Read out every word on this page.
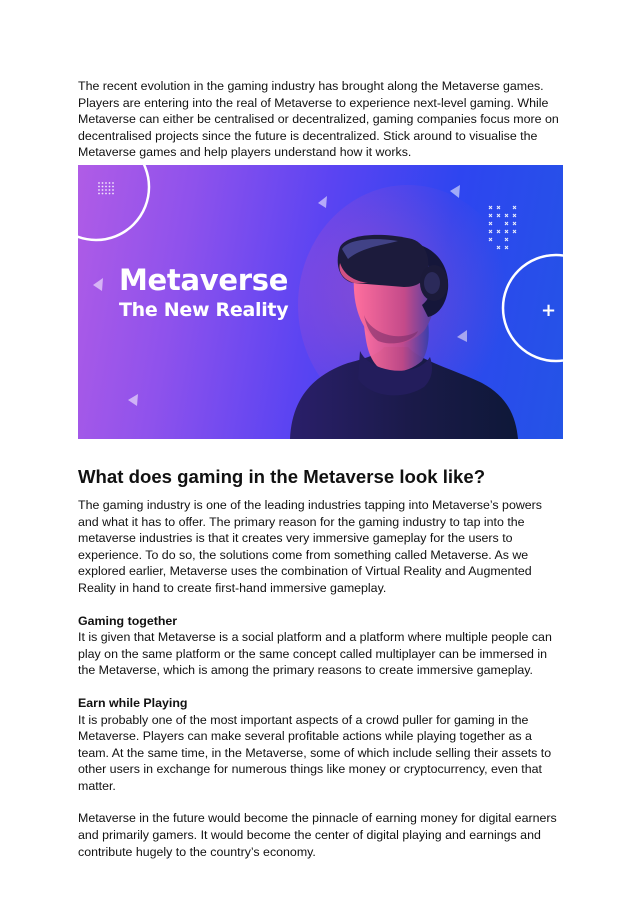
The recent evolution in the gaming industry has brought along the Metaverse games. Players are entering into the real of Metaverse to experience next-level gaming. While Metaverse can either be centralised or decentralized, gaming companies focus more on decentralised projects since the future is decentralized. Stick around to visualise the Metaverse games and help players understand how it works.

+
Metaverse
The New Reality
What does gaming in the Metaverse look like?

The gaming industry is one of the leading industries tapping into Metaverse’s powers and what it has to offer. The primary reason for the gaming industry to tap into the metaverse industries is that it creates very immersive gameplay for the users to experience. To do so, the solutions come from something called Metaverse. As we explored earlier, Metaverse uses the combination of Virtual Reality and Augmented Reality in hand to create first-hand immersive gameplay.

Gaming together

It is given that Metaverse is a social platform and a platform where multiple people can play on the same platform or the same concept called multiplayer can be immersed in the Metaverse, which is among the primary reasons to create immersive gameplay.

Earn while Playing

It is probably one of the most important aspects of a crowd puller for gaming in the Metaverse. Players can make several profitable actions while playing together as a team. At the same time, in the Metaverse, some of which include selling their assets to other users in exchange for numerous things like money or cryptocurrency, even that matter.

Metaverse in the future would become the pinnacle of earning money for digital earners and primarily gamers. It would become the center of digital playing and earnings and contribute hugely to the country’s economy.
